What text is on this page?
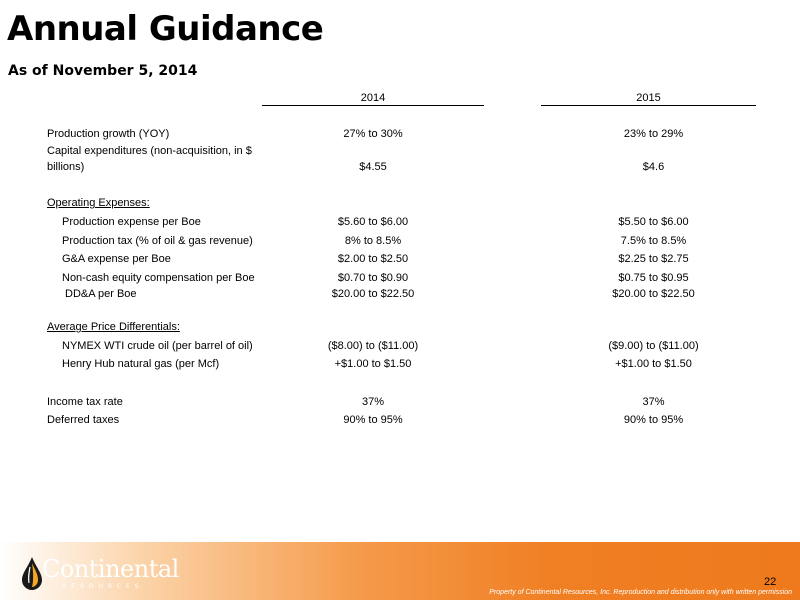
Annual Guidance
As of November 5, 2014
2014	2015
Production growth (YOY)	27% to 30%	23% to 29%
Capital expenditures (non-acquisition, in $
billions)	$4.55	$4.6
Operating Expenses:
Production expense per Boe	$5.60 to $6.00	$5.50 to $6.00
Production tax (% of oil & gas revenue)	8% to 8.5%	7.5% to 8.5%
G&A expense per Boe	$2.00 to $2.50	$2.25 to $2.75
Non-cash equity compensation per Boe	$0.70 to $0.90	$0.75 to $0.95
DD&A per Boe	$20.00 to $22.50	$20.00 to $22.50
Average Price Differentials:
NYMEX WTI crude oil (per barrel of oil)	($8.00) to ($11.00)	($9.00) to ($11.00)
Henry Hub natural gas (per Mcf)	+$1.00 to $1.50	+$1.00 to $1.50
Income tax rate	37%	37%
Deferred taxes	90% to 95%	90% to 95%
Continental
RESOURCES	22
Property of Continental Resources, Inc. Reproduction and distribution only with written permission
